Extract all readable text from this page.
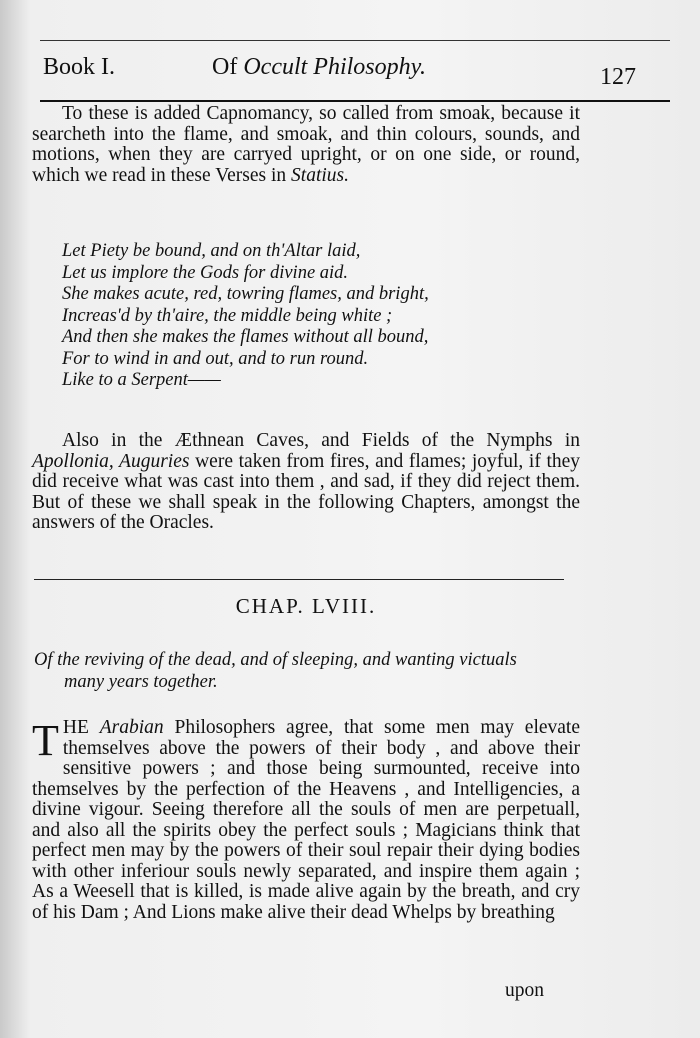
Book I.	Of Occult Philosophy.	127
To these is added Capnomancy, so called from smoak, because it searcheth into the flame, and smoak, and thin colours, sounds, and motions, when they are carryed upright, or on one side, or round, which we read in these Verses in Statius.
Let Piety be bound, and on th'Altar laid,
Let us implore the Gods for divine aid.
She makes acute, red, towring flames, and bright,
Increas'd by th'aire, the middle being white ;
And then she makes the flames without all bound,
For to wind in and out, and to run round.
Like to a Serpent——
Also in the Æthnean Caves, and Fields of the Nymphs in Apollonia, Auguries were taken from fires, and flames; joyful, if they did receive what was cast into them , and sad, if they did reject them. But of these we shall speak in the following Chapters, amongst the answers of the Oracles.
CHAP. LVIII.
Of the reviving of the dead, and of sleeping, and wanting victuals
many years together.
THE Arabian Philosophers agree, that some men may elevate themselves above the powers of their body , and above their sensitive powers ; and those being surmounted, receive into themselves by the perfection of the Heavens , and Intelligencies, a divine vigour. Seeing therefore all the souls of men are perpetuall, and also all the spirits obey the perfect souls ; Magicians think that perfect men may by the powers of their soul repair their dying bodies with other inferiour souls newly separated, and inspire them again ; As a Weesell that is killed, is made alive again by the breath, and cry of his Dam ; And Lions make alive their dead Whelps by breathing
upon
